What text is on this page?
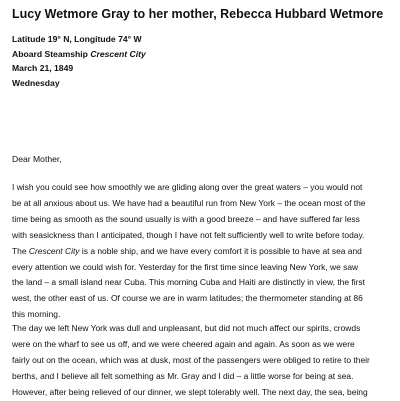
Lucy Wetmore Gray to her mother, Rebecca Hubbard Wetmore
Latitude 19° N, Longitude 74° W
Aboard Steamship Crescent City
March 21, 1849
Wednesday
Dear Mother,
I wish you could see how smoothly we are gliding along over the great waters – you would not
be at all anxious about us. We have had a beautiful run from New York – the ocean most of the
time being as smooth as the sound usually is with a good breeze – and have suffered far less
with seasickness than I anticipated, though I have not felt sufficiently well to write before today.
The Crescent City is a noble ship, and we have every comfort it is possible to have at sea and
every attention we could wish for. Yesterday for the first time since leaving New York, we saw
the land – a small island near Cuba. This morning Cuba and Haiti are distinctly in view, the first
west, the other east of us. Of course we are in warm latitudes; the thermometer standing at 86
this morning.
The day we left New York was dull and unpleasant, but did not much affect our spirits, crowds
were on the wharf to see us off, and we were cheered again and again. As soon as we were
fairly out on the ocean, which was at dusk, most of the passengers were obliged to retire to their
berths, and I believe all felt something as Mr. Gray and I did – a little worse for being at sea.
However, after being relieved of our dinner, we slept tolerably well. The next day, the sea, being
